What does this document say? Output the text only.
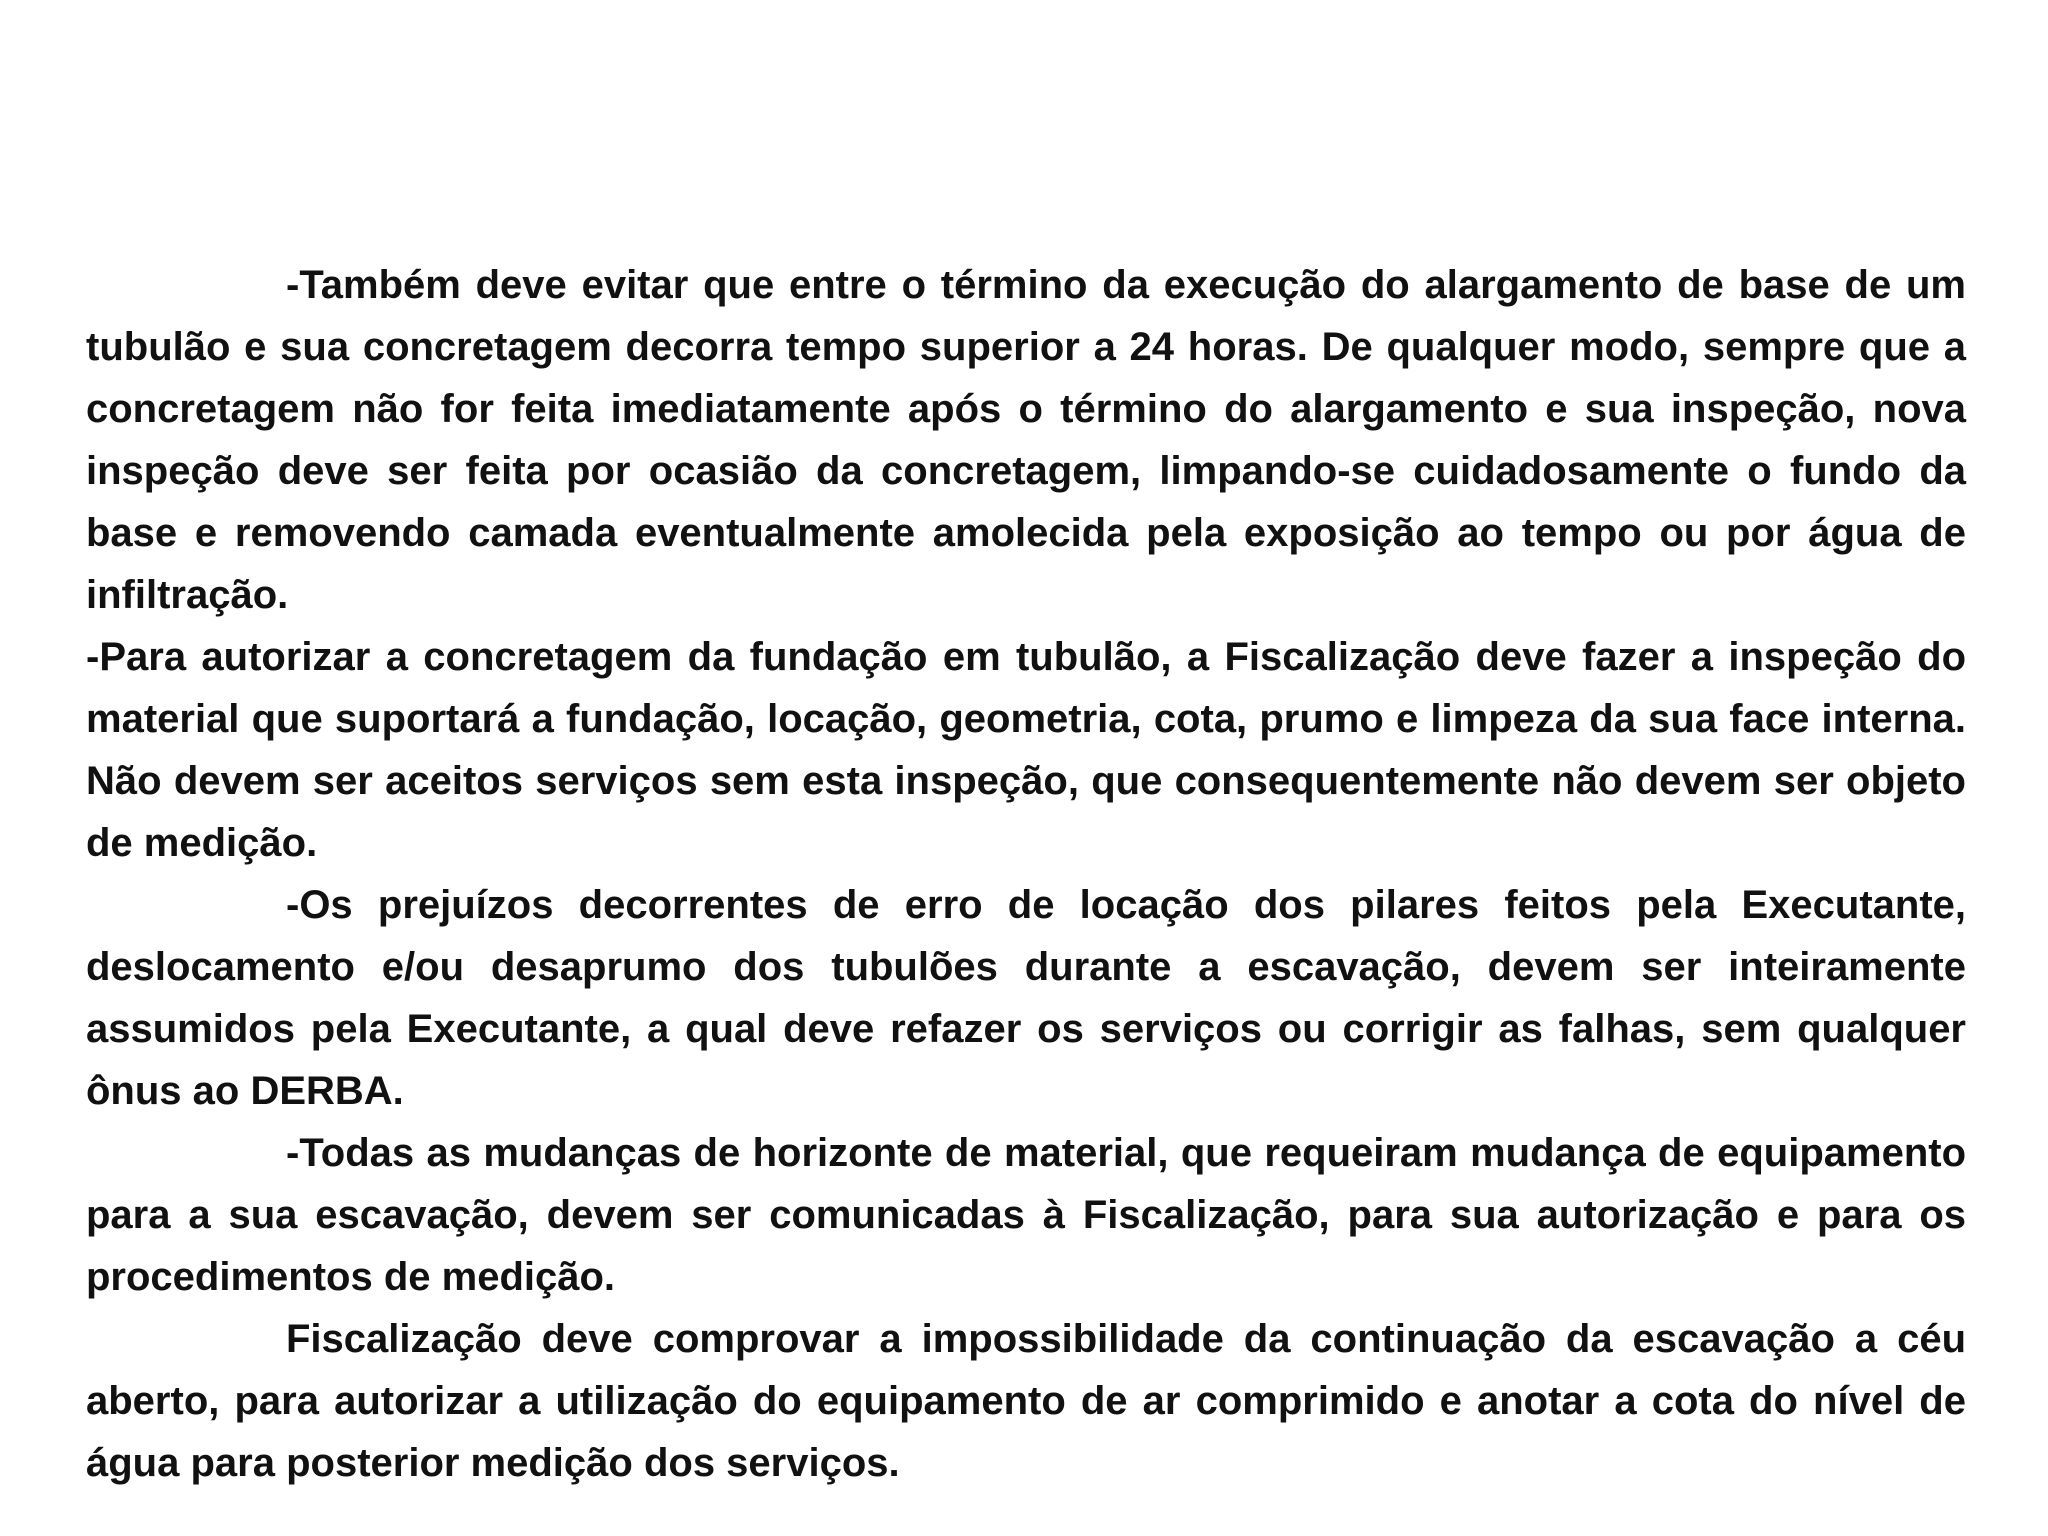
-Também deve evitar que entre o término da execução do alargamento de base de um tubulão e sua concretagem decorra tempo superior a 24 horas. De qualquer modo, sempre que a concretagem não for feita imediatamente após o término do alargamento e sua inspeção, nova inspeção deve ser feita por ocasião da concretagem, limpando-se cuidadosamente o fundo da base e removendo camada eventualmente amolecida pela exposição ao tempo ou por água de infiltração.

-Para autorizar a concretagem da fundação em tubulão, a Fiscalização deve fazer a inspeção do material que suportará a fundação, locação, geometria, cota, prumo e limpeza da sua face interna. Não devem ser aceitos serviços sem esta inspeção, que consequentemente não devem ser objeto de medição.

-Os prejuízos decorrentes de erro de locação dos pilares feitos pela Executante, deslocamento e/ou desaprumo dos tubulões durante a escavação, devem ser inteiramente assumidos pela Executante, a qual deve refazer os serviços ou corrigir as falhas, sem qualquer ônus ao DERBA.

-Todas as mudanças de horizonte de material, que requeiram mudança de equipamento para a sua escavação, devem ser comunicadas à Fiscalização, para sua autorização e para os procedimentos de medição.

Fiscalização deve comprovar a impossibilidade da continuação da escavação a céu aberto, para autorizar a utilização do equipamento de ar comprimido e anotar a cota do nível de água para posterior medição dos serviços.
